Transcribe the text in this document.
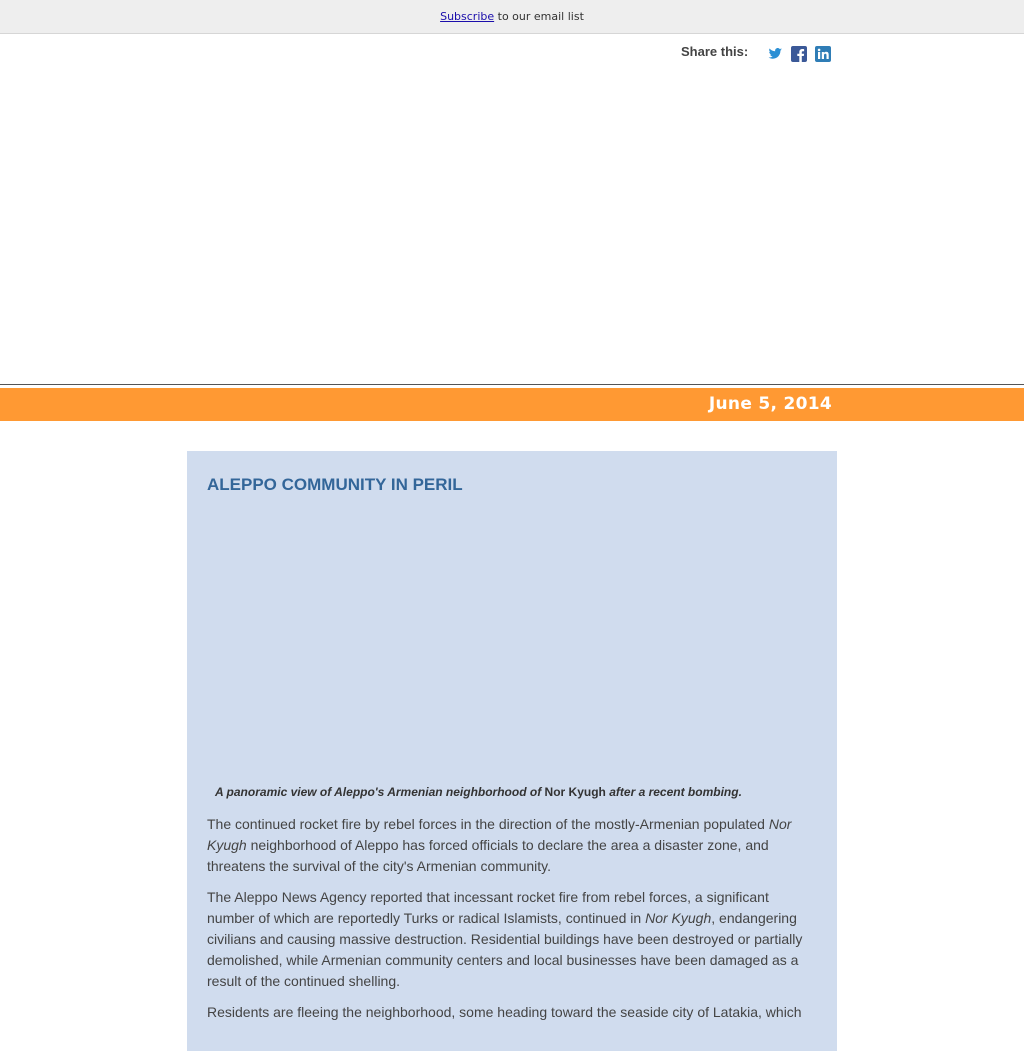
Subscribe to our email list
Share this:
June 5, 2014
ALEPPO COMMUNITY IN PERIL
A panoramic view of Aleppo's Armenian neighborhood of Nor Kyugh after a recent bombing.

The continued rocket fire by rebel forces in the direction of the mostly-Armenian populated Nor Kyugh neighborhood of Aleppo has forced officials to declare the area a disaster zone, and threatens the survival of the city's Armenian community.

The Aleppo News Agency reported that incessant rocket fire from rebel forces, a significant number of which are reportedly Turks or radical Islamists, continued in Nor Kyugh, endangering civilians and causing massive destruction. Residential buildings have been destroyed or partially demolished, while Armenian community centers and local businesses have been damaged as a result of the continued shelling.

Residents are fleeing the neighborhood, some heading toward the seaside city of Latakia, which
